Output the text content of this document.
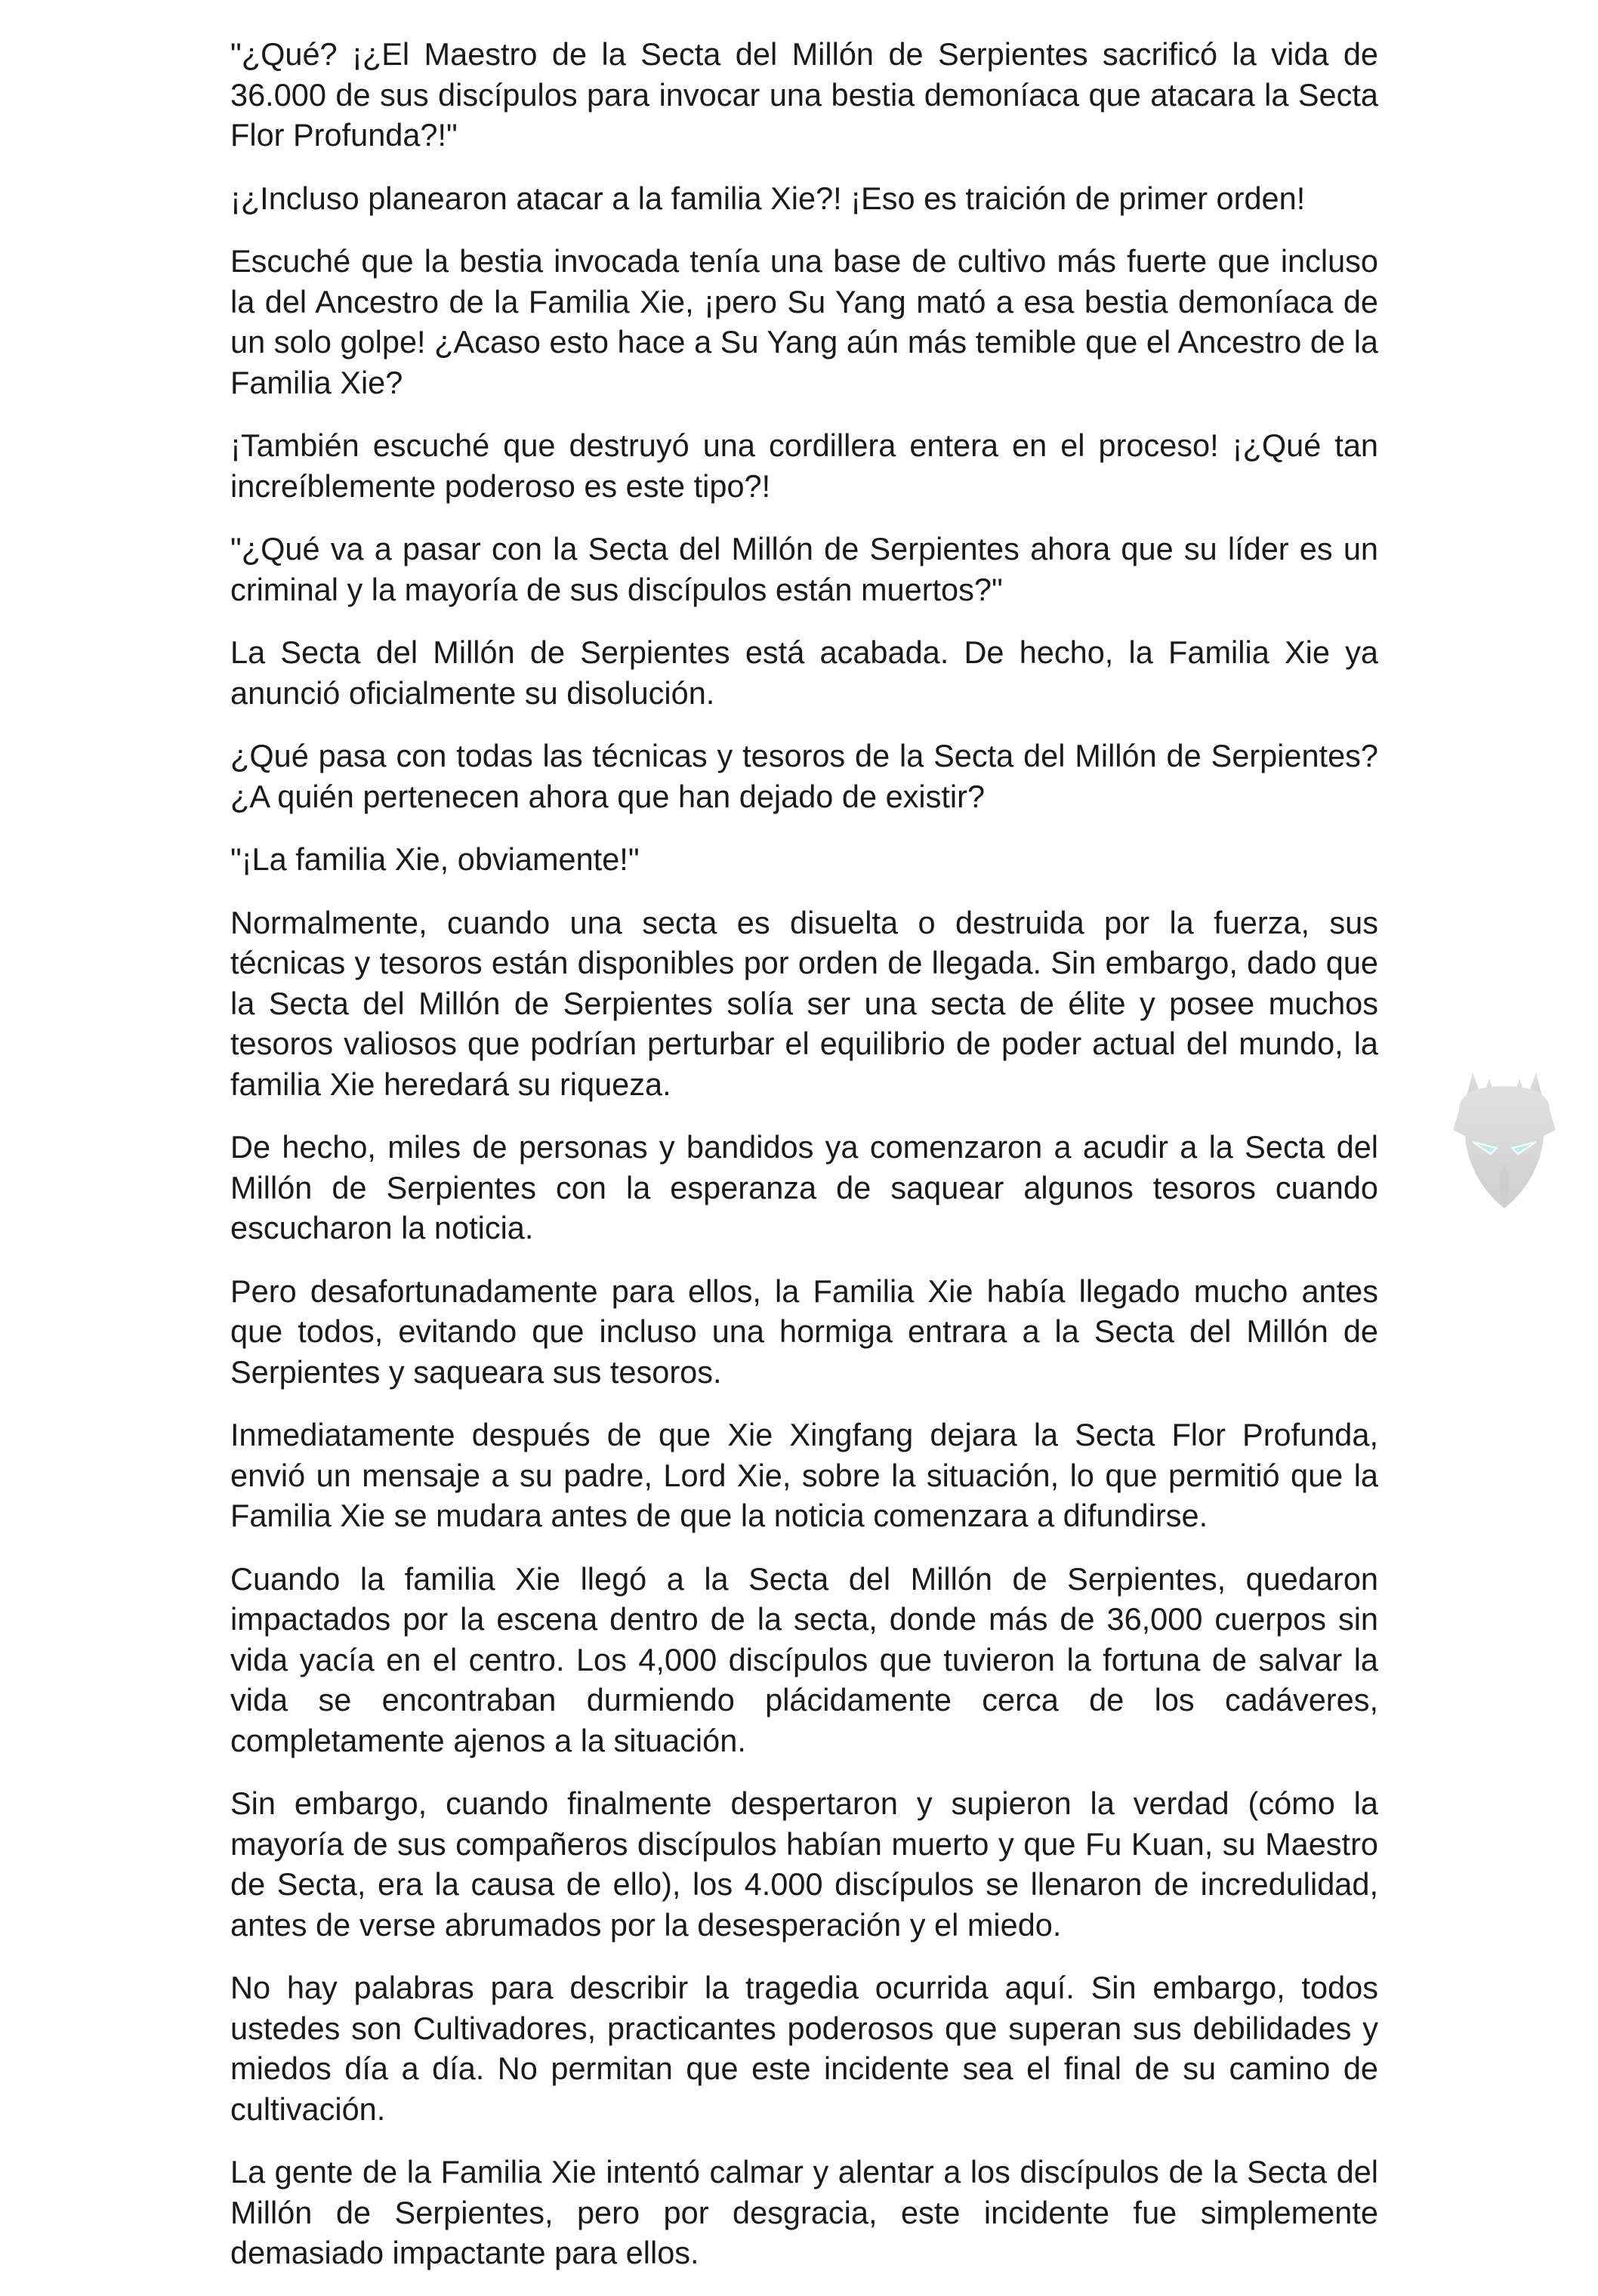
"¿Qué? ¡¿El Maestro de la Secta del Millón de Serpientes sacrificó la vida de 36.000 de sus discípulos para invocar una bestia demoníaca que atacara la Secta Flor Profunda?!"

¡¿Incluso planearon atacar a la familia Xie?! ¡Eso es traición de primer orden!

Escuché que la bestia invocada tenía una base de cultivo más fuerte que incluso la del Ancestro de la Familia Xie, ¡pero Su Yang mató a esa bestia demoníaca de un solo golpe! ¿Acaso esto hace a Su Yang aún más temible que el Ancestro de la Familia Xie?

¡También escuché que destruyó una cordillera entera en el proceso! ¡¿Qué tan increíblemente poderoso es este tipo?!

"¿Qué va a pasar con la Secta del Millón de Serpientes ahora que su líder es un criminal y la mayoría de sus discípulos están muertos?"

La Secta del Millón de Serpientes está acabada. De hecho, la Familia Xie ya anunció oficialmente su disolución.

¿Qué pasa con todas las técnicas y tesoros de la Secta del Millón de Serpientes? ¿A quién pertenecen ahora que han dejado de existir?

"¡La familia Xie, obviamente!"

Normalmente, cuando una secta es disuelta o destruida por la fuerza, sus técnicas y tesoros están disponibles por orden de llegada. Sin embargo, dado que la Secta del Millón de Serpientes solía ser una secta de élite y posee muchos tesoros valiosos que podrían perturbar el equilibrio de poder actual del mundo, la familia Xie heredará su riqueza.

De hecho, miles de personas y bandidos ya comenzaron a acudir a la Secta del Millón de Serpientes con la esperanza de saquear algunos tesoros cuando escucharon la noticia.

Pero desafortunadamente para ellos, la Familia Xie había llegado mucho antes que todos, evitando que incluso una hormiga entrara a la Secta del Millón de Serpientes y saqueara sus tesoros.

Inmediatamente después de que Xie Xingfang dejara la Secta Flor Profunda, envió un mensaje a su padre, Lord Xie, sobre la situación, lo que permitió que la Familia Xie se mudara antes de que la noticia comenzara a difundirse.

Cuando la familia Xie llegó a la Secta del Millón de Serpientes, quedaron impactados por la escena dentro de la secta, donde más de 36,000 cuerpos sin vida yacía en el centro. Los 4,000 discípulos que tuvieron la fortuna de salvar la vida se encontraban durmiendo plácidamente cerca de los cadáveres, completamente ajenos a la situación.

Sin embargo, cuando finalmente despertaron y supieron la verdad (cómo la mayoría de sus compañeros discípulos habían muerto y que Fu Kuan, su Maestro de Secta, era la causa de ello), los 4.000 discípulos se llenaron de incredulidad, antes de verse abrumados por la desesperación y el miedo.

No hay palabras para describir la tragedia ocurrida aquí. Sin embargo, todos ustedes son Cultivadores, practicantes poderosos que superan sus debilidades y miedos día a día. No permitan que este incidente sea el final de su camino de cultivación.

La gente de la Familia Xie intentó calmar y alentar a los discípulos de la Secta del Millón de Serpientes, pero por desgracia, este incidente fue simplemente demasiado impactante para ellos.
